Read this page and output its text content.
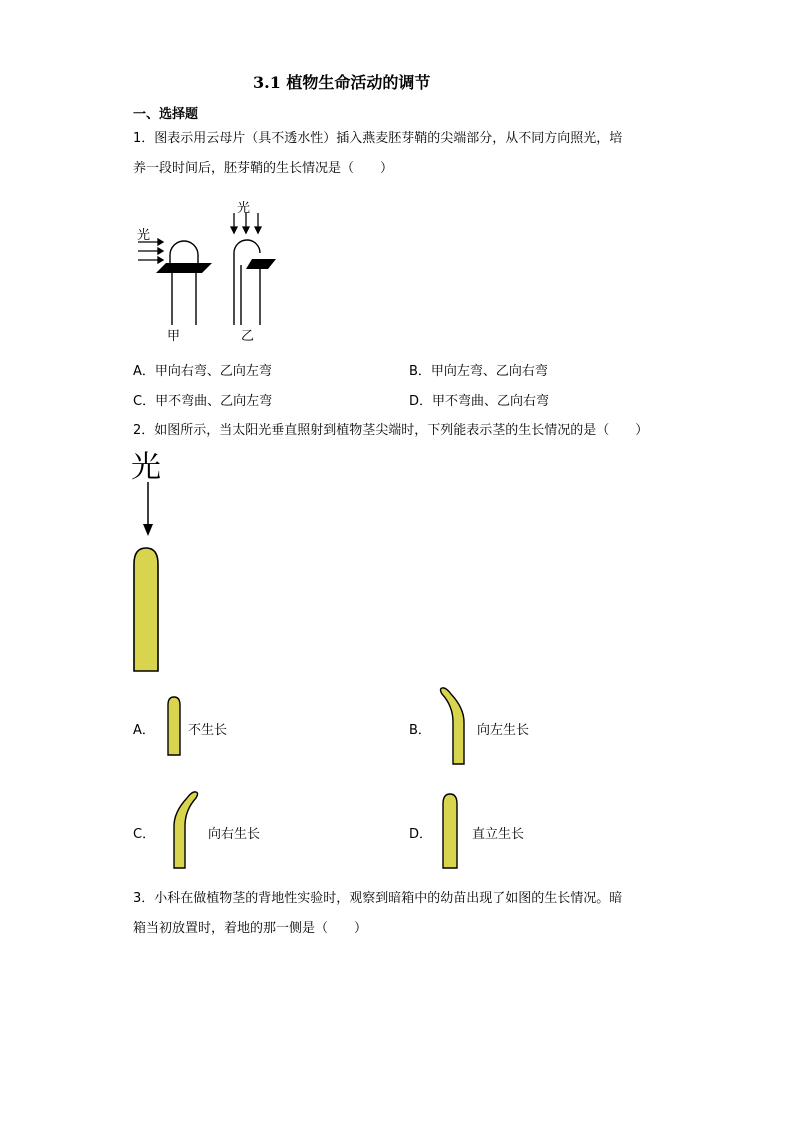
3.1 植物生命活动的调节
一、选择题
1．图表示用云母片（具不透水性）插入燕麦胚芽鞘的尖端部分，从不同方向照光，培
养一段时间后，胚芽鞘的生长情况是（　　）
光
光
甲	乙
A．甲向右弯、乙向左弯	B．甲向左弯、乙向右弯
C．甲不弯曲、乙向左弯	D．甲不弯曲、乙向右弯
2．如图所示，当太阳光垂直照射到植物茎尖端时，下列能表示茎的生长情况的是（　　）
光
A．	不生长	B．	向左生长
C．	向右生长	D．	直立生长
3．小科在做植物茎的背地性实验时，观察到暗箱中的幼苗出现了如图的生长情况。暗
箱当初放置时，着地的那一侧是（　　）
